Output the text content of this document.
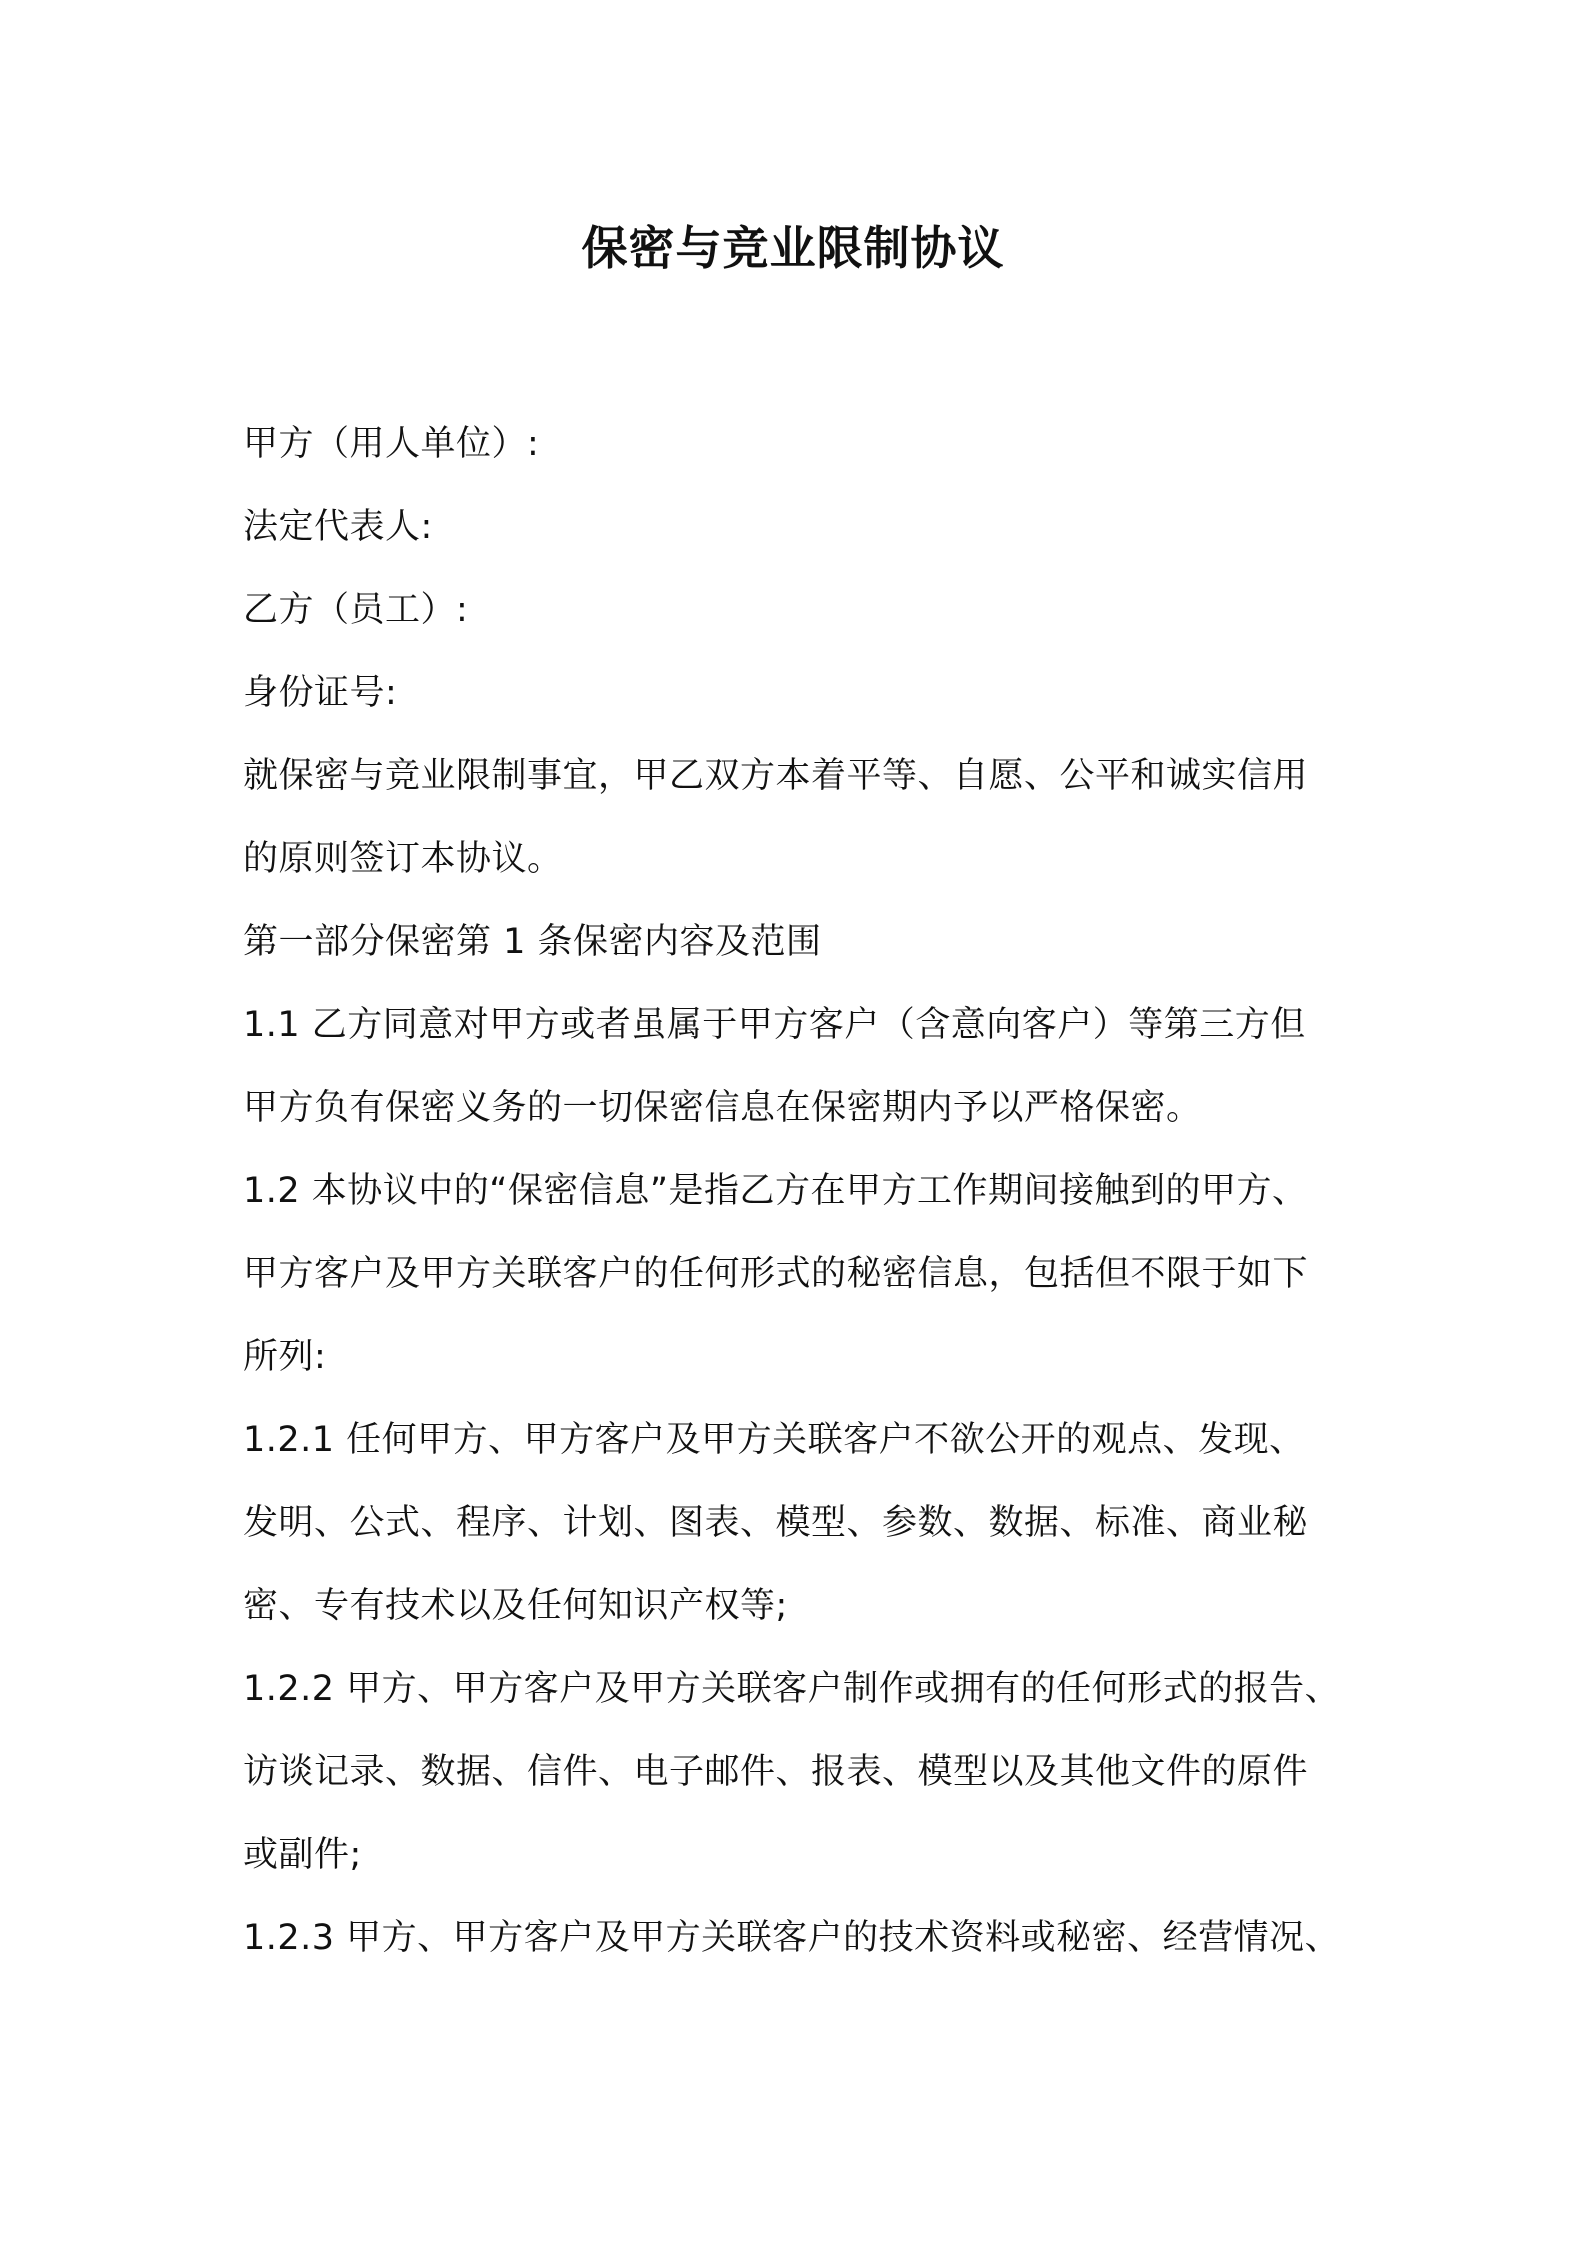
保密与竞业限制协议
甲方（用人单位）:
法定代表人:
乙方（员工）:
身份证号:
就保密与竞业限制事宜，甲乙双方本着平等、自愿、公平和诚实信用
的原则签订本协议。
第一部分保密第 1 条保密内容及范围
1.1 乙方同意对甲方或者虽属于甲方客户（含意向客户）等第三方但
甲方负有保密义务的一切保密信息在保密期内予以严格保密。
1.2 本协议中的“保密信息”是指乙方在甲方工作期间接触到的甲方、
甲方客户及甲方关联客户的任何形式的秘密信息，包括但不限于如下
所列:
1.2.1 任何甲方、甲方客户及甲方关联客户不欲公开的观点、发现、
发明、公式、程序、计划、图表、模型、参数、数据、标准、商业秘
密、专有技术以及任何知识产权等;
1.2.2 甲方、甲方客户及甲方关联客户制作或拥有的任何形式的报告、
访谈记录、数据、信件、电子邮件、报表、模型以及其他文件的原件
或副件;
1.2.3 甲方、甲方客户及甲方关联客户的技术资料或秘密、经营情况、
